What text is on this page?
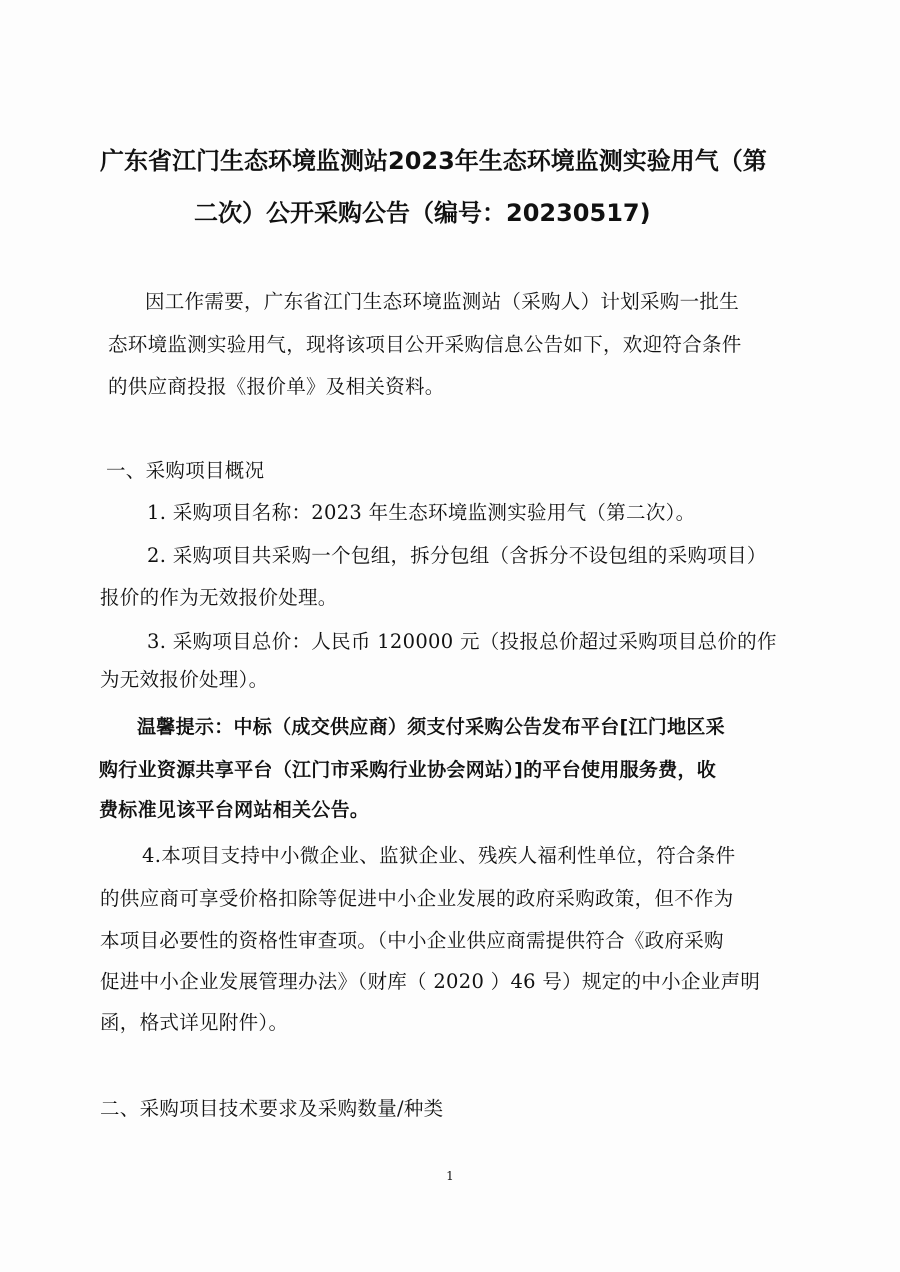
广东省江门生态环境监测站2023年生态环境监测实验用气（第
二次）公开采购公告（编号：20230517)
因工作需要，广东省江门生态环境监测站（采购人）计划采购一批生
态环境监测实验用气，现将该项目公开采购信息公告如下，欢迎符合条件
的供应商投报《报价单》及相关资料。
一、采购项目概况
1. 采购项目名称：2023 年生态环境监测实验用气（第二次）。
2. 采购项目共采购一个包组，拆分包组（含拆分不设包组的采购项目）
报价的作为无效报价处理。
3. 采购项目总价：人民币 120000 元（投报总价超过采购项目总价的作
为无效报价处理）。
温馨提示：中标（成交供应商）须支付采购公告发布平台[江门地区采
购行业资源共享平台（江门市采购行业协会网站）]的平台使用服务费，收
费标准见该平台网站相关公告。
4.本项目支持中小微企业、监狱企业、残疾人福利性单位，符合条件
的供应商可享受价格扣除等促进中小企业发展的政府采购政策，但不作为
本项目必要性的资格性审查项。（中小企业供应商需提供符合《政府采购
促进中小企业发展管理办法》（财库（ 2020 ）46 号）规定的中小企业声明
函，格式详见附件）。
二、采购项目技术要求及采购数量/种类
1
